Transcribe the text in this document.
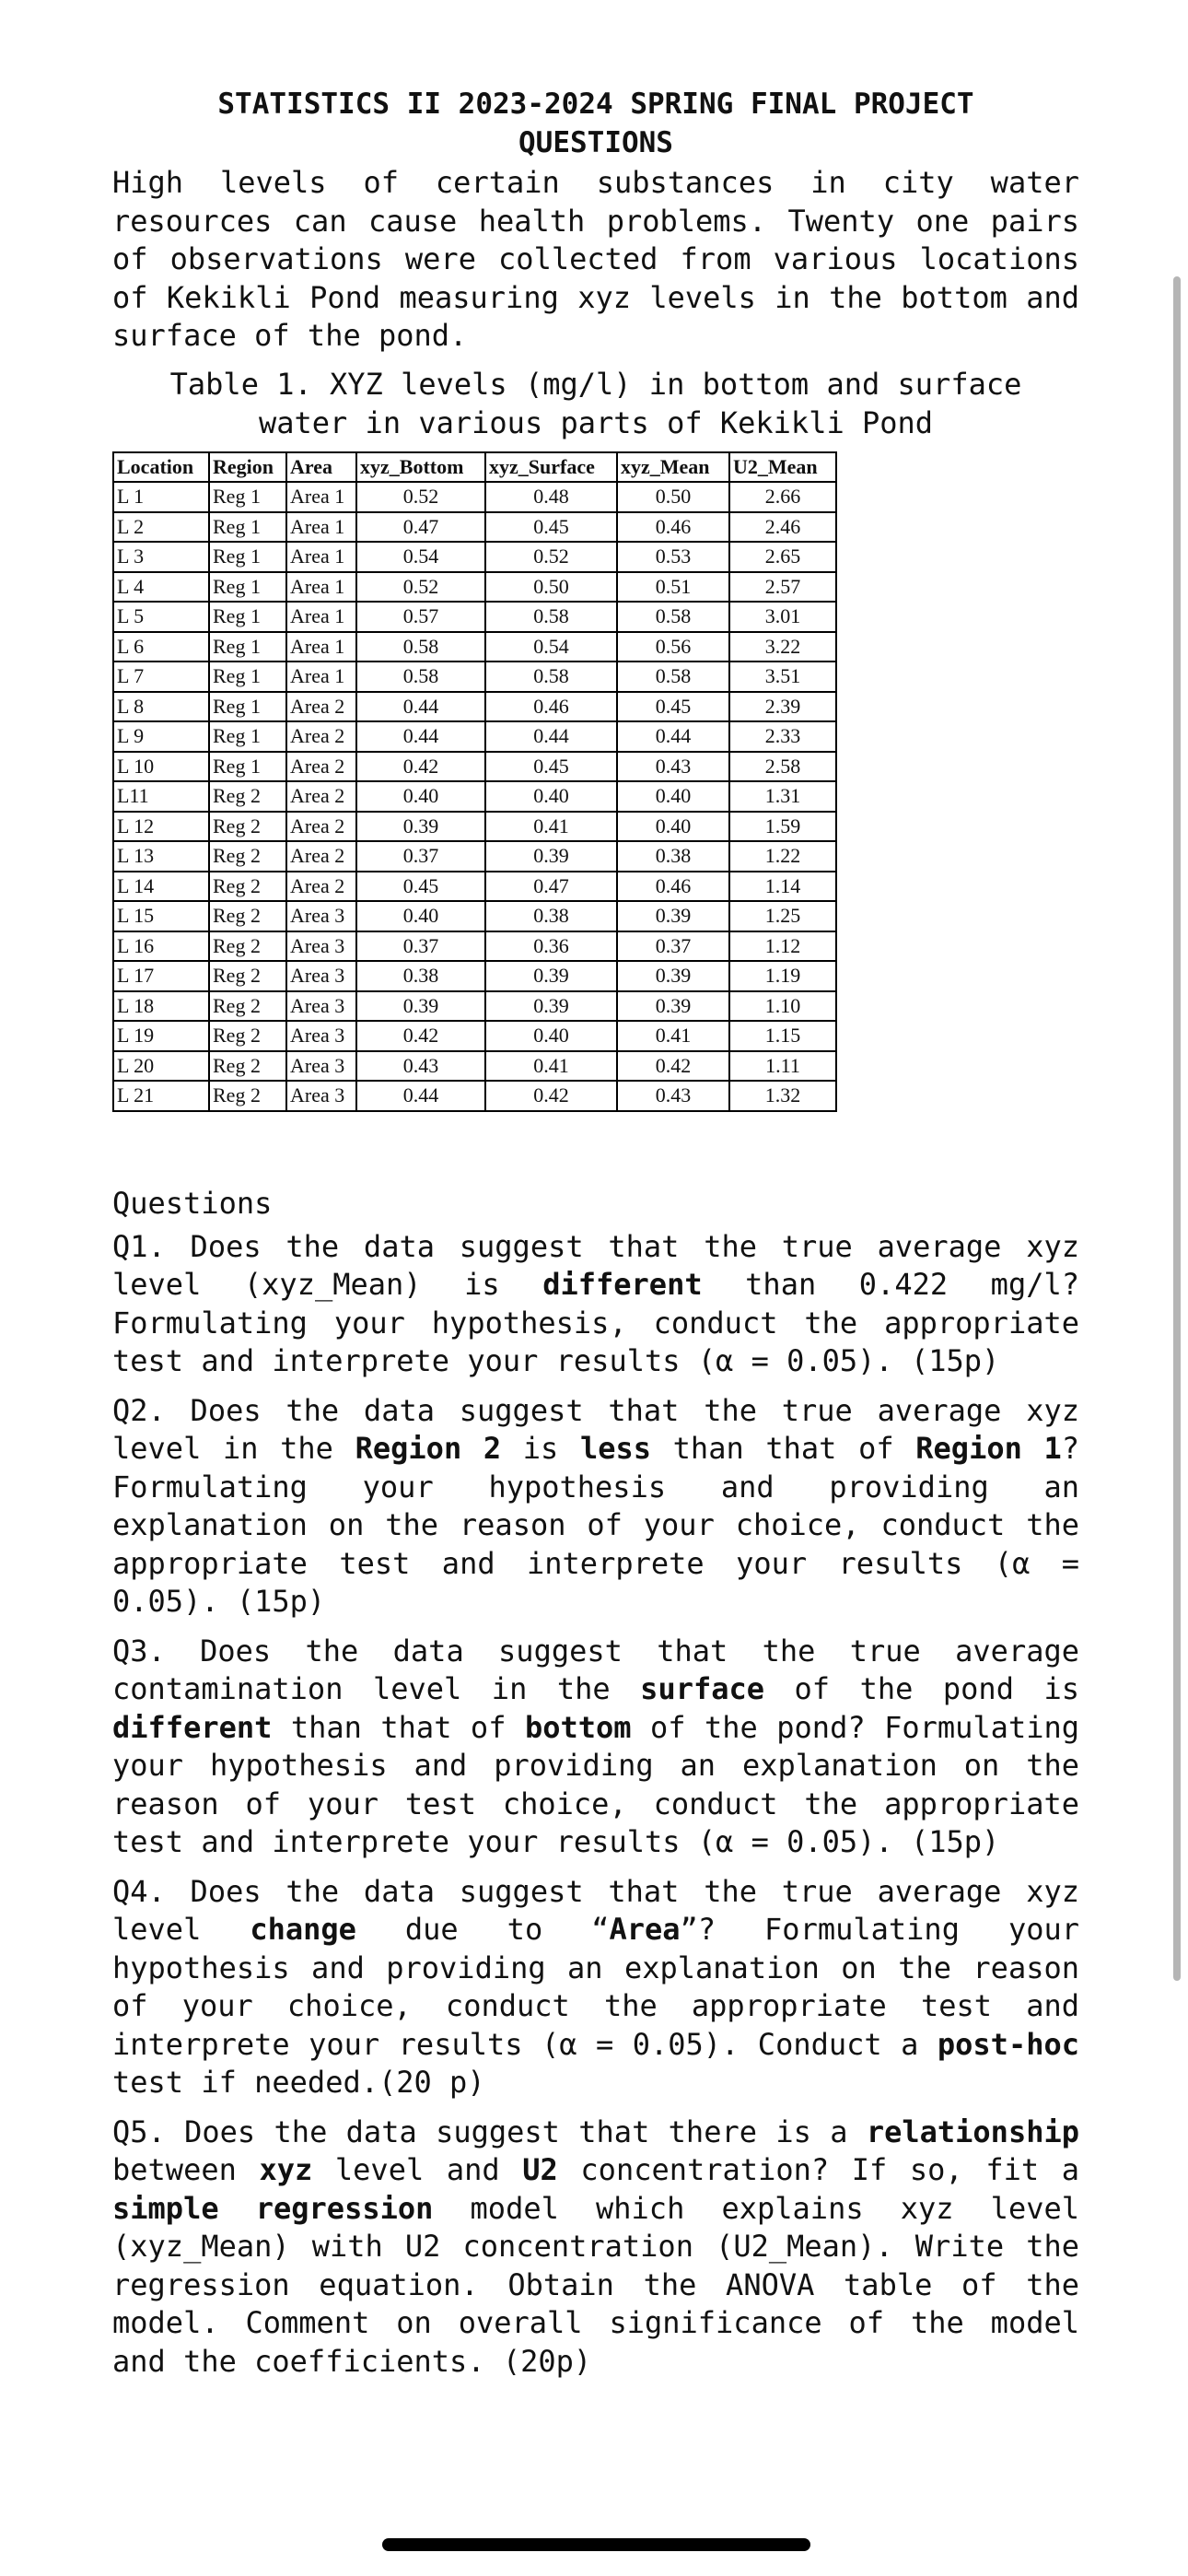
STATISTICS II 2023-2024 SPRING FINAL PROJECT
QUESTIONS

High levels of certain substances in city water resources can cause health problems. Twenty one pairs of observations were collected from various locations of Kekikli Pond measuring xyz levels in the bottom and surface of the pond.

Table 1. XYZ levels (mg/l) in bottom and surface
water in various parts of Kekikli Pond
Location	Region	Area	xyz_Bottom	xyz_Surface	xyz_Mean	U2_Mean
L 1	Reg 1	Area 1	0.52	0.48	0.50	2.66
L 2	Reg 1	Area 1	0.47	0.45	0.46	2.46
L 3	Reg 1	Area 1	0.54	0.52	0.53	2.65
L 4	Reg 1	Area 1	0.52	0.50	0.51	2.57
L 5	Reg 1	Area 1	0.57	0.58	0.58	3.01
L 6	Reg 1	Area 1	0.58	0.54	0.56	3.22
L 7	Reg 1	Area 1	0.58	0.58	0.58	3.51
L 8	Reg 1	Area 2	0.44	0.46	0.45	2.39
L 9	Reg 1	Area 2	0.44	0.44	0.44	2.33
L 10	Reg 1	Area 2	0.42	0.45	0.43	2.58
L11	Reg 2	Area 2	0.40	0.40	0.40	1.31
L 12	Reg 2	Area 2	0.39	0.41	0.40	1.59
L 13	Reg 2	Area 2	0.37	0.39	0.38	1.22
L 14	Reg 2	Area 2	0.45	0.47	0.46	1.14
L 15	Reg 2	Area 3	0.40	0.38	0.39	1.25
L 16	Reg 2	Area 3	0.37	0.36	0.37	1.12
L 17	Reg 2	Area 3	0.38	0.39	0.39	1.19
L 18	Reg 2	Area 3	0.39	0.39	0.39	1.10
L 19	Reg 2	Area 3	0.42	0.40	0.41	1.15
L 20	Reg 2	Area 3	0.43	0.41	0.42	1.11
L 21	Reg 2	Area 3	0.44	0.42	0.43	1.32
Questions

Q1. Does the data suggest that the true average xyz level (xyz_Mean) is different than 0.422 mg/l? Formulating your hypothesis, conduct the appropriate test and interprete your results (α = 0.05). (15p)

Q2. Does the data suggest that the true average xyz level in the Region 2 is less than that of Region 1? Formulating your hypothesis and providing an explanation on the reason of your choice, conduct the appropriate test and interprete your results (α = 0.05). (15p)

Q3. Does the data suggest that the true average contamination level in the surface of the pond is different than that of bottom of the pond? Formulating your hypothesis and providing an explanation on the reason of your test choice, conduct the appropriate test and interprete your results (α = 0.05). (15p)

Q4. Does the data suggest that the true average xyz level change due to “Area”? Formulating your hypothesis and providing an explanation on the reason of your choice, conduct the appropriate test and interprete your results (α = 0.05). Conduct a post-hoc test if needed.(20 p)

Q5. Does the data suggest that there is a relationship between xyz level and U2 concentration? If so, fit a simple regression model which explains xyz level (xyz_Mean) with U2 concentration (U2_Mean). Write the regression equation. Obtain the ANOVA table of the model. Comment on overall significance of the model and the coefficients. (20p)
